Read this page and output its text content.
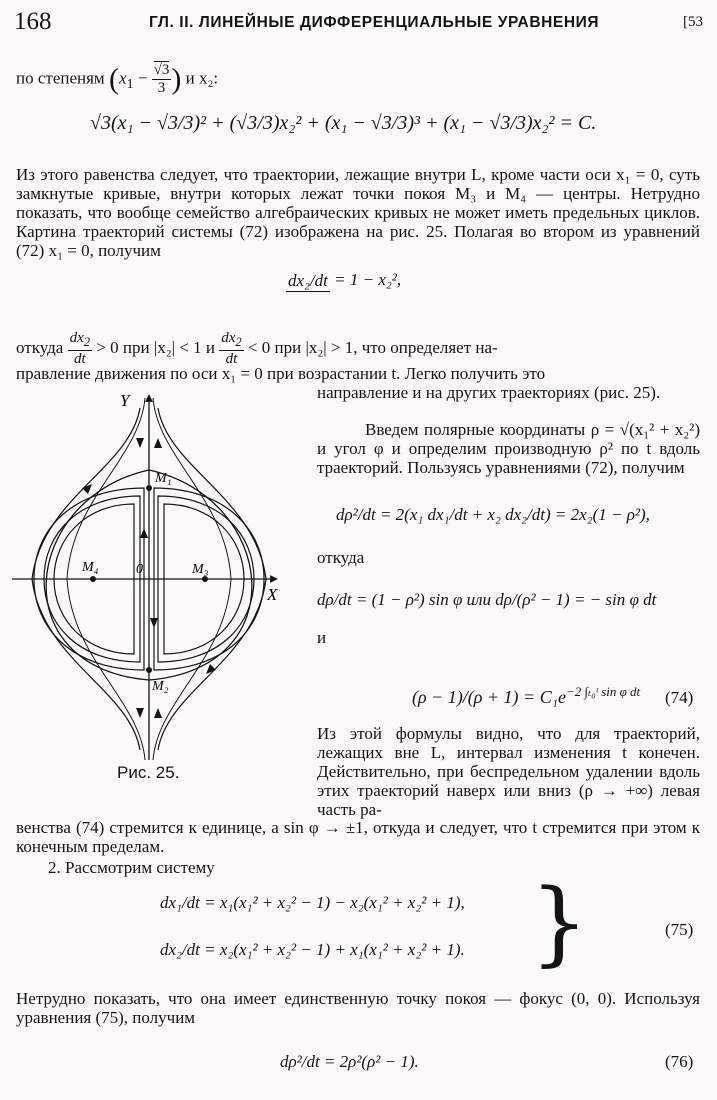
168	ГЛ. II. ЛИНЕЙНЫЕ ДИФФЕРЕНЦИАЛЬНЫЕ УРАВНЕНИЯ	[53
по степеням ($x_1 - \frac{√3}{3}$ ) и x₂:
√3(x₁ − √3/3)² + (√3/3)x₂² + (x₁ − √3/3)³ + (x₁ − √3/3)x₂² = C.
Из этого равенства следует, что траектории, лежащие внутри L, кроме части оси x₁ = 0, суть замкнутые кривые, внутри которых лежат точки покоя M₃ и M₄ — центры. Нетрудно показать, что вообще семейство алгебраических кривых не может иметь предельных циклов. Картина траекторий системы (72) изображена на рис. 25. Полагая во втором из уравнений (72) x₁ = 0, получим
dx₂/dt = 1 − x₂²,
откуда $\frac{dx_2}{dt} > 0$ при |x₂| < 1 и $\frac{dx_2}{dt} < 0$ при |x₂| > 1, что определяет на-
правление движения по оси x₁ = 0 при возрастании t. Легко получить это
направление и на других траекториях (рис. 25).
Введем полярные координаты ρ = √(x₁² + x₂²) и угол φ и определим производную ρ² по t вдоль траекторий. Пользуясь уравнениями (72), получим
dρ²/dt = 2(x₁ dx₁/dt + x₂ dx₂/dt) = 2x₂(1 − ρ²),
откуда
dρ/dt = (1 − ρ²) sin φ или dρ/(ρ² − 1) = − sin φ dt
и
$(\rho - 1)/(\rho + 1) = C_1e^{-2 \int_{t0}ᵗ sin \varphi dt}$ (74)
Из этой формулы видно, что для траекторий, лежащих вне L, интервал изменения t конечен. Действительно, при беспредельном удалении вдоль этих траекторий наверх или вниз (ρ → +∞) левая часть ра-
Y
X
M₁
M₂
M₃
M₄	0
Рис. 25.
венства (74) стремится к единице, а sin φ → ±1, откуда и следует, что t стремится при этом к конечным пределам.
2. Рассмотрим систему
dx₁/dt = x₁(x₁² + x₂² − 1) − x₂(x₁² + x₂² + 1),
dx₂/dt = x₂(x₁² + x₂² − 1) + x₁(x₁² + x₂² + 1). }	(75)
Нетрудно показать, что она имеет единственную точку покоя — фокус (0, 0). Используя уравнения (75), получим
dρ²/dt = 2ρ²(ρ² − 1).	(76)
